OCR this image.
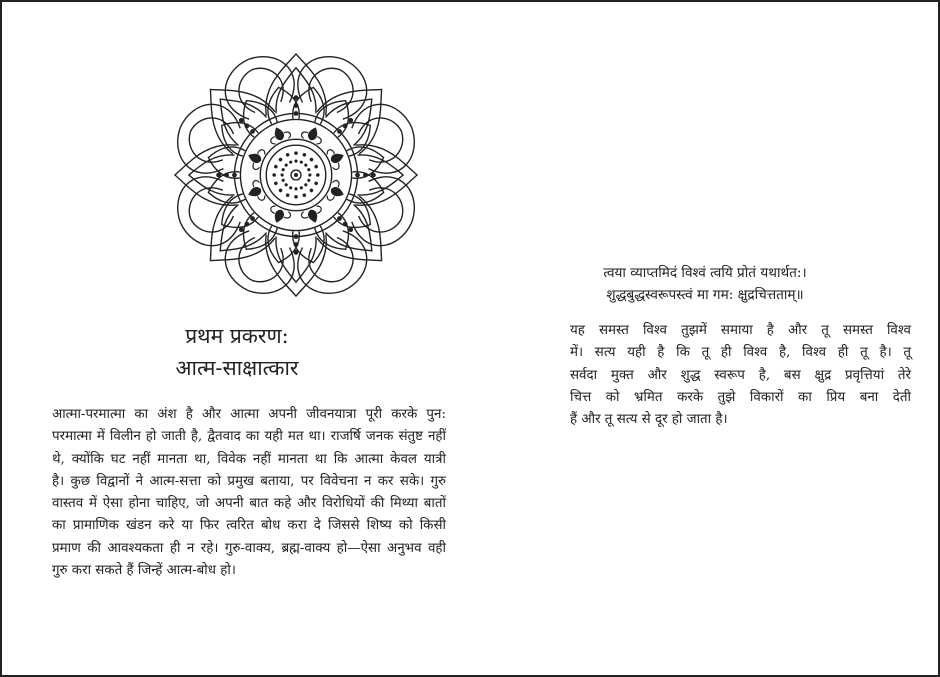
प्रथम प्रकरण:
आत्म-साक्षात्कार
आत्मा-परमात्मा का अंश है और आत्मा अपनी जीवनयात्रा पूरी करके पुन:
परमात्मा में विलीन हो जाती है, द्वैतवाद का यही मत था। राजर्षि जनक संतुष्ट नहीं
थे, क्योंकि घट नहीं मानता था, विवेक नहीं मानता था कि आत्मा केवल यात्री
है। कुछ विद्वानों ने आत्म-सत्ता को प्रमुख बताया, पर विवेचना न कर सके। गुरु
वास्तव में ऐसा होना चाहिए, जो अपनी बात कहे और विरोधियों की मिथ्या बातों
का प्रामाणिक खंडन करे या फिर त्वरित बोध करा दे जिससे शिष्य को किसी
प्रमाण की आवश्यकता ही न रहे। गुरु-वाक्य, ब्रह्म-वाक्य हो—ऐसा अनुभव वही
गुरु करा सकते हैं जिन्हें आत्म-बोध हो।
त्वया व्याप्तमिदं विश्वं त्वयि प्रोतं यथार्थत:।
शुद्धबुद्धस्वरूपस्त्वं मा गम: क्षुद्रचित्तताम्॥
यह समस्त विश्व तुझमें समाया है और तू समस्त विश्व
में। सत्य यही है कि तू ही विश्व है, विश्व ही तू है। तू
सर्वदा मुक्त और शुद्ध स्वरूप है, बस क्षुद्र प्रवृत्तियां तेरे
चित्त को भ्रमित करके तुझे विकारों का प्रिय बना देती
हैं और तू सत्य से दूर हो जाता है।
